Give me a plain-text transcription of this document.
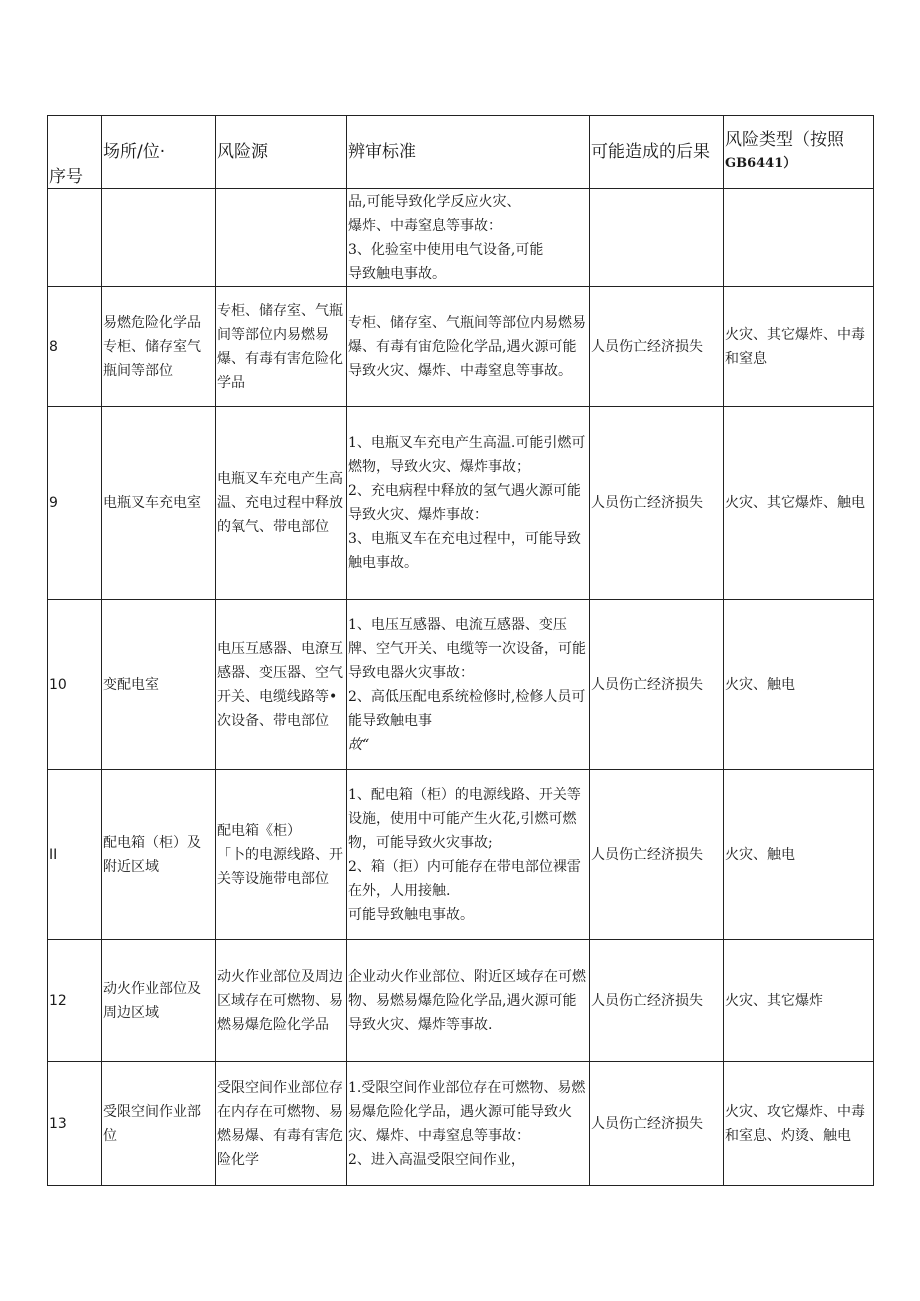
序号	场所/位·	风险源	辨审标准	可能造成的后果	风险类型（按照
GB6441）
			品,可能导致化学反应火灾、
爆炸、中毒窒息等事故：
3、化验室中使用电气设备,可能
导致触电事故。		
8	易燃危险化学品专柜、储存室气瓶间等部位	专柜、储存室、气瓶间等部位内易燃易爆、有毒有害危险化学品	专柜、储存室、气瓶间等部位内易燃易爆、有毒有宙危险化学品,遇火源可能导致火灾、爆炸、中毒窒息等事故。	人员伤亡经济损失	火灾、其它爆炸、中毒和窒息
9	电瓶叉车充电室	电瓶叉车充电产生高温、充电过程中释放的氧气、带电部位	1、电瓶叉车充电产生高温.可能引燃可燃物，导致火灾、爆炸事故；
2、充电病程中释放的氢气遇火源可能导致火灾、爆炸事故：
3、电瓶叉车在充电过程中，可能导致触电事故。	人员伤亡经济损失	火灾、其它爆炸、触电
10	变配电室	电压互感器、电潦互感器、变压器、空气开关、电缆线路等•次设备、带电部位	1、电压互感器、电流互感器、变压牌、空气开关、电缆等一次设备，可能导致电器火灾事故：
2、高低压配电系统检修时,检修人员可能导致触电事
故“	人员伤亡经济损失	火灾、触电
II	配电箱（柜）及附近区域	配电箱《柜）
「卜的电源线路、开关等设施带电部位	1、配电箱（柜）的电源线路、开关等设施，使用中可能产生火花,引燃可燃物，可能导致火灾事故;
2、箱（拒）内可能存在带电部位裸雷在外，人用接触.
可能导致触电事故。	人员伤亡经济损失	火灾、触电
12	动火作业部位及周边区域	动火作业部位及周边区域存在可燃物、易燃易爆危险化学品	企业动火作业部位、附近区域存在可燃物、易燃易爆危险化学品,遇火源可能导致火灾、爆炸等事故.	人员伤亡经济损失	火灾、其它爆炸
13	受限空间作业部位	受限空间作业部位存在内存在可燃物、易燃易爆、有毒有害危险化学	1.受限空间作业部位存在可燃物、易燃易爆危险化学品，遇火源可能导致火灾、爆炸、中毒窒息等事故：
2、进入高温受限空间作业，	人员伤亡经济损失	火灾、攻它爆炸、中毒和室息、灼烫、触电
